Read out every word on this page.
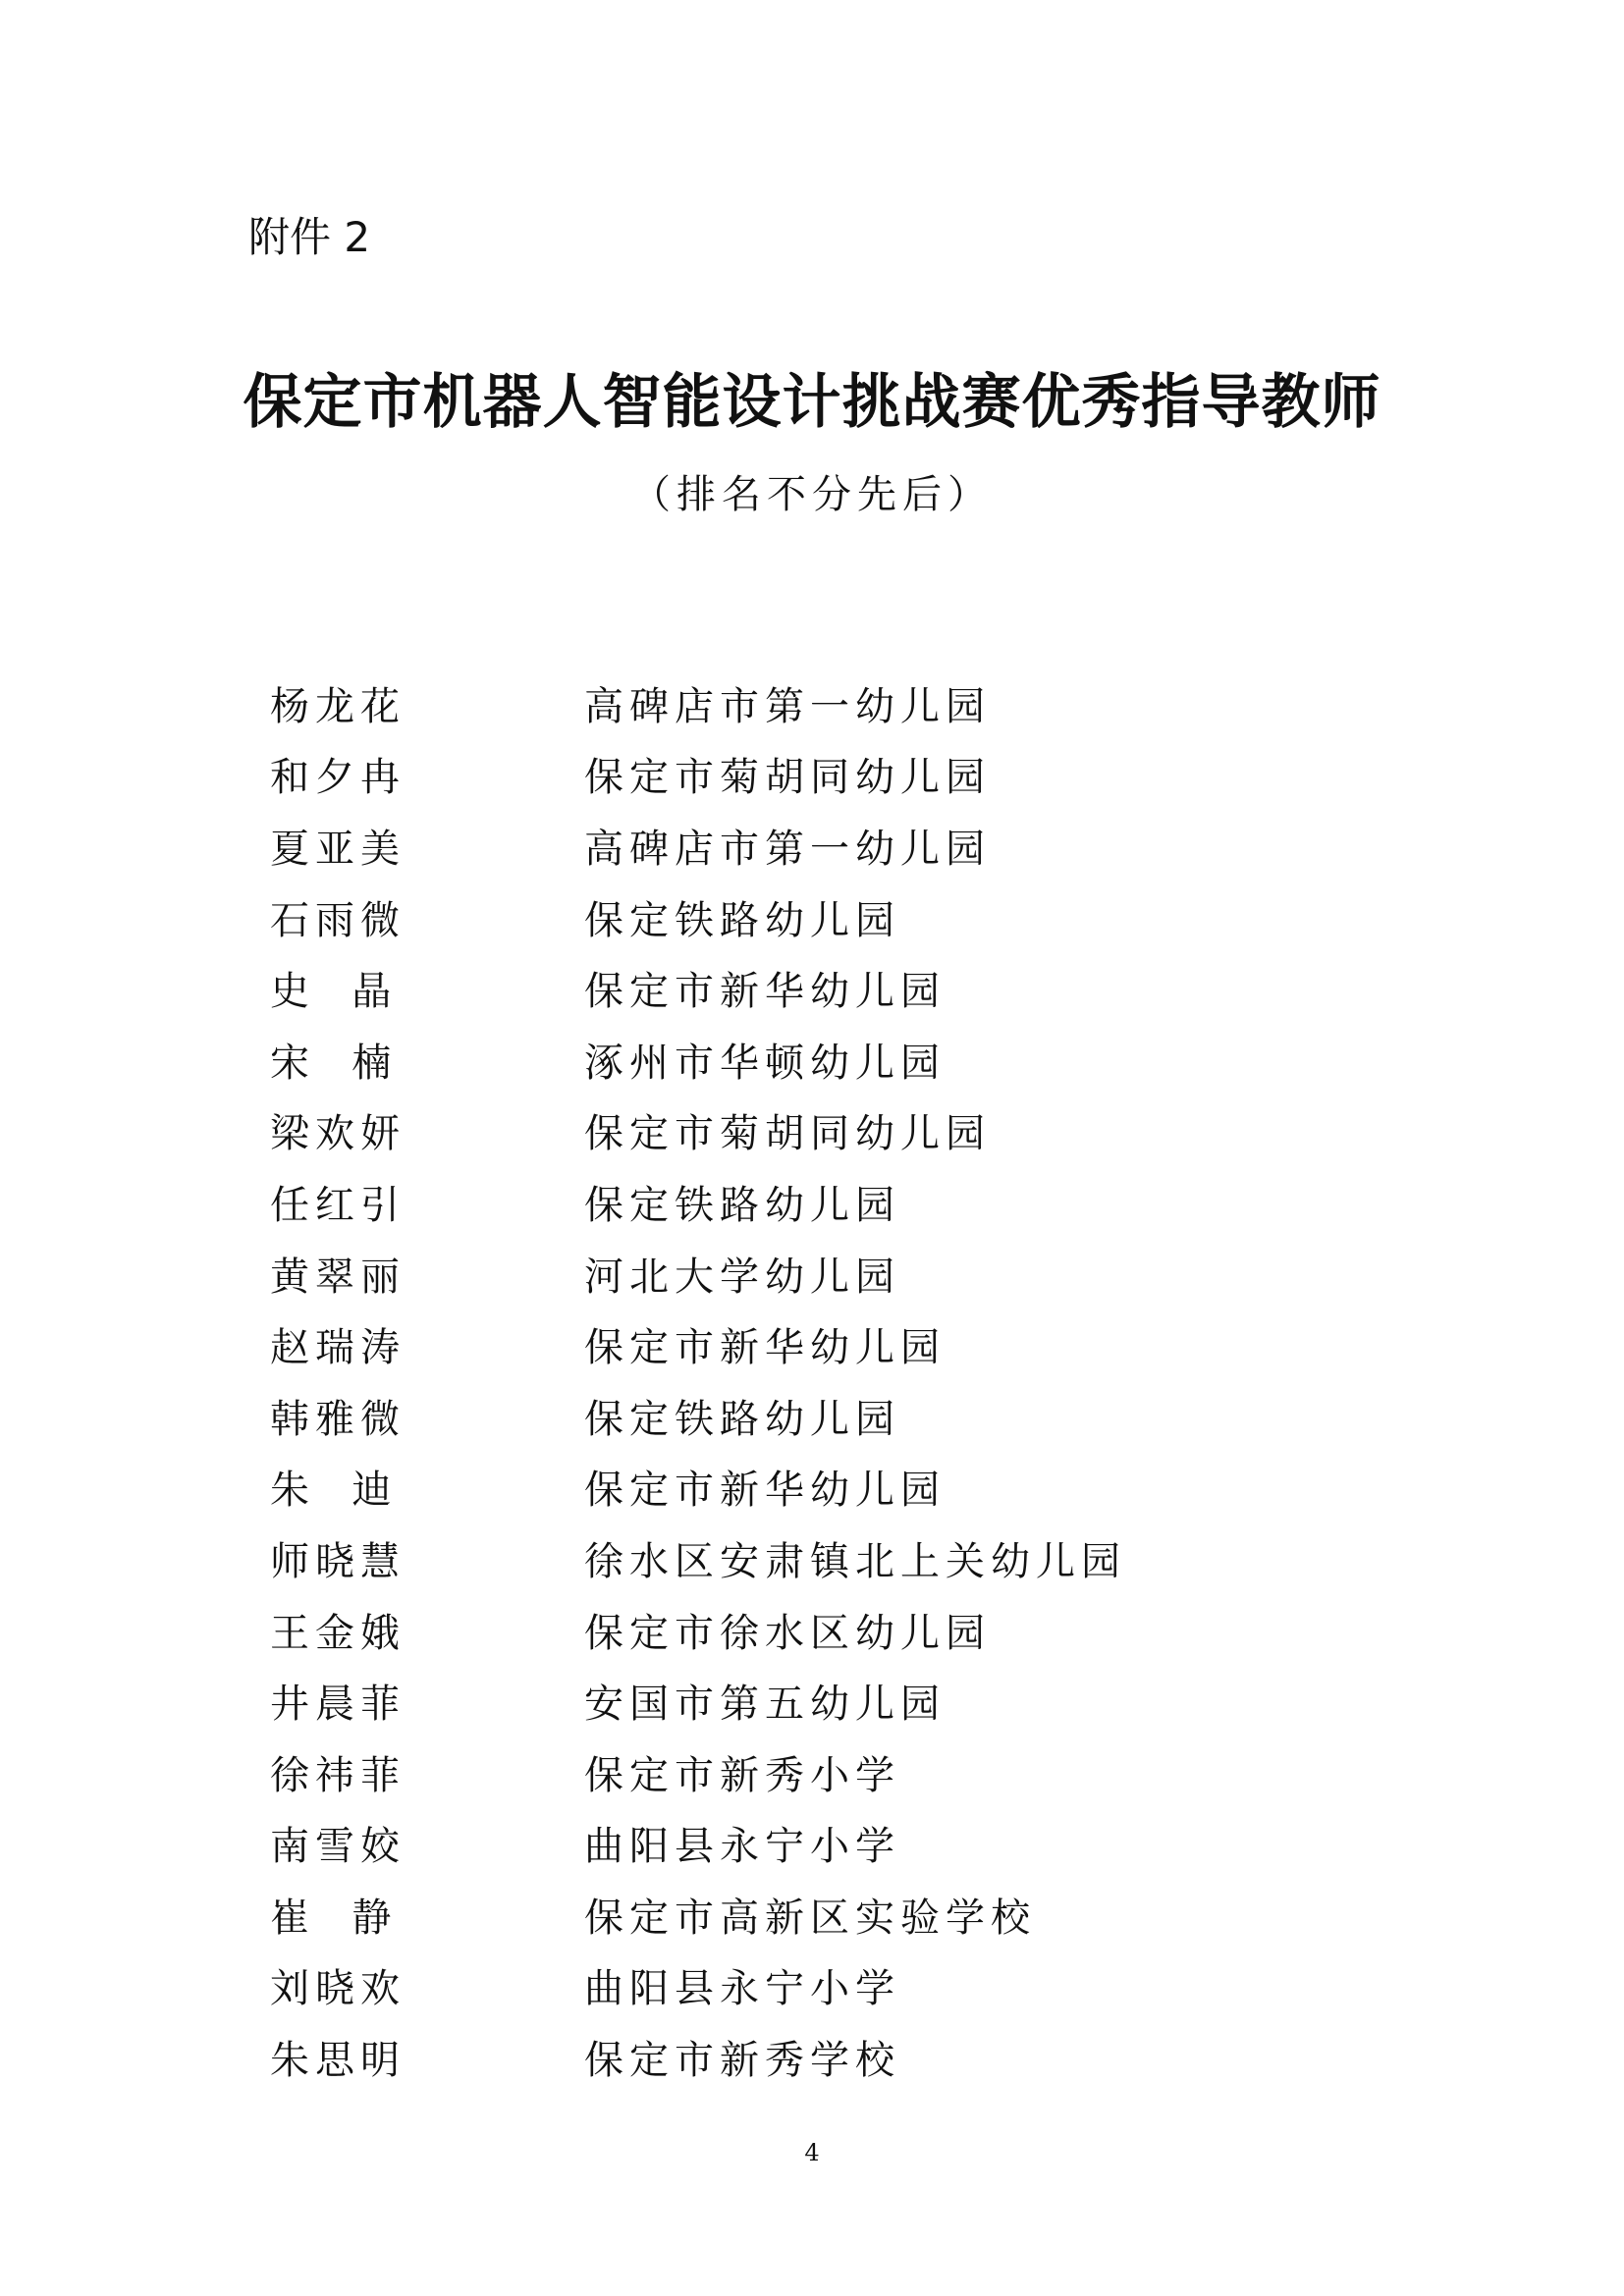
附件 2
保定市机器人智能设计挑战赛优秀指导教师
（排名不分先后）
杨龙花	高碑店市第一幼儿园
和夕冉	保定市菊胡同幼儿园
夏亚美	高碑店市第一幼儿园
石雨微	保定铁路幼儿园
史  晶	保定市新华幼儿园
宋  楠	涿州市华顿幼儿园
梁欢妍	保定市菊胡同幼儿园
任红引	保定铁路幼儿园
黄翠丽	河北大学幼儿园
赵瑞涛	保定市新华幼儿园
韩雅微	保定铁路幼儿园
朱  迪	保定市新华幼儿园
师晓慧	徐水区安肃镇北上关幼儿园
王金娥	保定市徐水区幼儿园
井晨菲	安国市第五幼儿园
徐祎菲	保定市新秀小学
南雪姣	曲阳县永宁小学
崔  静	保定市高新区实验学校
刘晓欢	曲阳县永宁小学
朱思明	保定市新秀学校
4
